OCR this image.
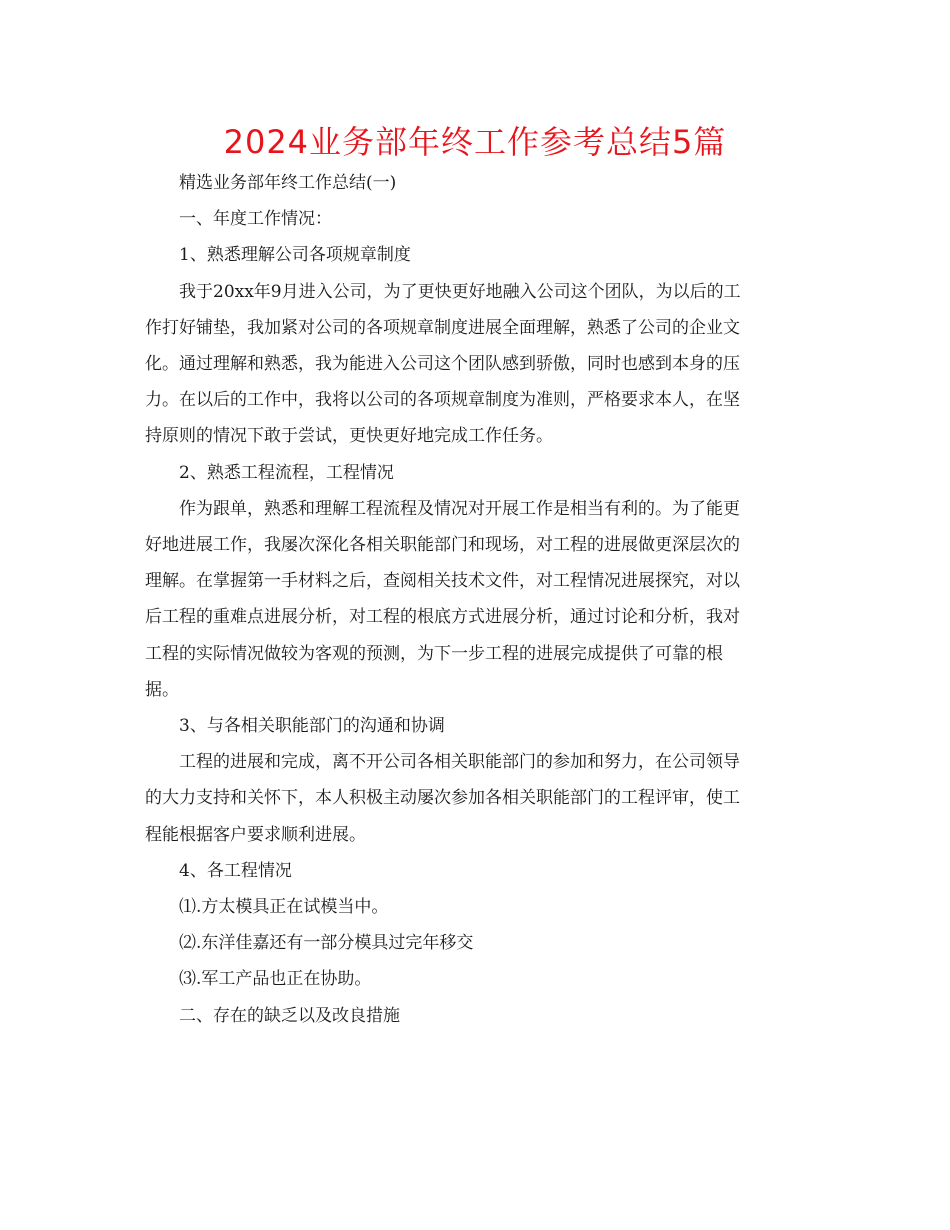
2024业务部年终工作参考总结5篇
精选业务部年终工作总结(一)
一、年度工作情况：
1、熟悉理解公司各项规章制度
我于20xx年9月进入公司，为了更快更好地融入公司这个团队，为以后的工
作打好铺垫，我加紧对公司的各项规章制度进展全面理解，熟悉了公司的企业文
化。通过理解和熟悉，我为能进入公司这个团队感到骄傲，同时也感到本身的压
力。在以后的工作中，我将以公司的各项规章制度为准则，严格要求本人，在坚
持原则的情况下敢于尝试，更快更好地完成工作任务。
2、熟悉工程流程，工程情况
作为跟单，熟悉和理解工程流程及情况对开展工作是相当有利的。为了能更
好地进展工作，我屡次深化各相关职能部门和现场，对工程的进展做更深层次的
理解。在掌握第一手材料之后，查阅相关技术文件，对工程情况进展探究，对以
后工程的重难点进展分析，对工程的根底方式进展分析，通过讨论和分析，我对
工程的实际情况做较为客观的预测，为下一步工程的进展完成提供了可靠的根
据。
3、与各相关职能部门的沟通和协调
工程的进展和完成，离不开公司各相关职能部门的参加和努力，在公司领导
的大力支持和关怀下，本人积极主动屡次参加各相关职能部门的工程评审，使工
程能根据客户要求顺利进展。
4、各工程情况
⑴.方太模具正在试模当中。
⑵.东洋佳嘉还有一部分模具过完年移交
⑶.军工产品也正在协助。
二、存在的缺乏以及改良措施
